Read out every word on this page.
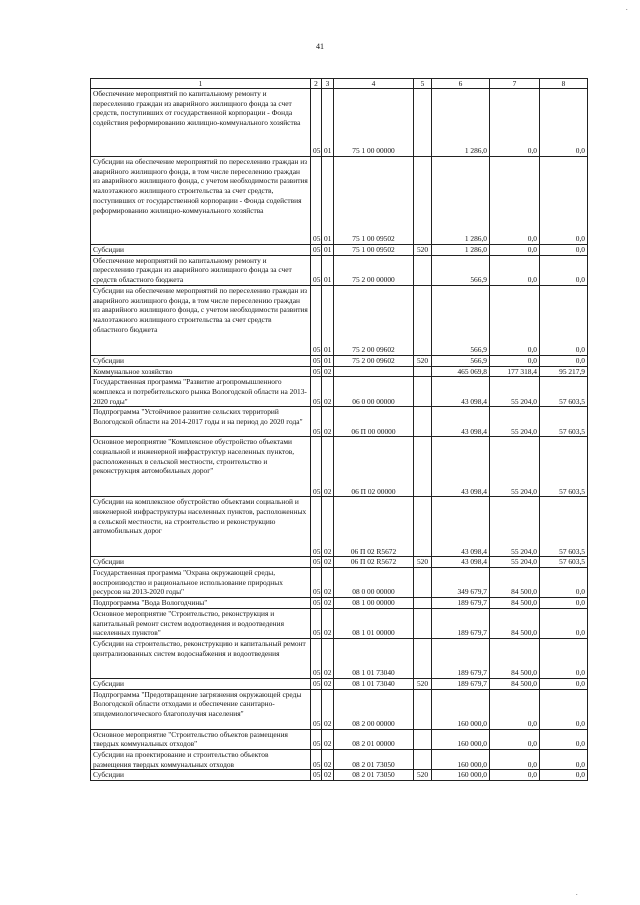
41
1	2	3	4	5	6	7	8
Обеспечение мероприятий по капитальному ремонту и переселению граждан из аварийного жилищного фонда за счет средств, поступивших от государственной корпорации - Фонда содействия реформированию жилищно-коммунального хозяйства	05	01	75 1 00 00000		1 286,0	0,0	0,0
Субсидии на обеспечение мероприятий по переселению граждан из аварийного жилищного фонда, в том числе переселению граждан из аварийного жилищного фонда, с учетом необходимости развития малоэтажного жилищного строительства за счет средств, поступивших от государственной корпорации - Фонда содействия реформированию жилищно-коммунального хозяйства	05	01	75 1 00 09502		1 286,0	0,0	0,0
Субсидии	05	01	75 1 00 09502	520	1 286,0	0,0	0,0
Обеспечение мероприятий по капитальному ремонту и переселению граждан из аварийного жилищного фонда за счет средств областного бюджета	05	01	75 2 00 00000		566,9	0,0	0,0
Субсидии на обеспечение мероприятий по переселению граждан из аварийного жилищного фонда, в том числе переселению граждан из аварийного жилищного фонда, с учетом необходимости развития малоэтажного жилищного строительства за счет средств областного бюджета	05	01	75 2 00 09602		566,9	0,0	0,0
Субсидии	05	01	75 2 00 09602	520	566,9	0,0	0,0
Коммунальное хозяйство	05	02			465 069,8	177 318,4	95 217,9
Государственная программа "Развитие агропромышленного комплекса и потребительского рынка Вологодской области на 2013-2020 годы"	05	02	06 0 00 00000		43 098,4	55 204,0	57 603,5
Подпрограмма "Устойчивое развитие сельских территорий Вологодской области на 2014-2017 годы и на период до 2020 года"	05	02	06 П 00 00000		43 098,4	55 204,0	57 603,5
Основное мероприятие "Комплексное обустройство объектами социальной и инженерной инфраструктур населенных пунктов, расположенных в сельской местности, строительство и реконструкция автомобильных дорог"	05	02	06 П 02 00000		43 098,4	55 204,0	57 603,5
Субсидии на комплексное обустройство объектами социальной и инженерной инфраструктуры населенных пунктов, расположенных в сельской местности, на строительство и реконструкцию автомобильных дорог	05	02	06 П 02 R5672		43 098,4	55 204,0	57 603,5
Субсидии	05	02	06 П 02 R5672	520	43 098,4	55 204,0	57 603,5
Государственная программа "Охрана окружающей среды, воспроизводство и рациональное использование природных ресурсов на 2013-2020 годы"	05	02	08 0 00 00000		349 679,7	84 500,0	0,0
Подпрограмма "Вода Вологодчины"	05	02	08 1 00 00000		189 679,7	84 500,0	0,0
Основное мероприятие "Строительство, реконструкция и капитальный ремонт систем водоотведения и водоотведения населенных пунктов"	05	02	08 1 01 00000		189 679,7	84 500,0	0,0
Субсидии на строительство, реконструкцию и капитальный ремонт централизованных систем водоснабжения и водоотведения	05	02	08 1 01 73040		189 679,7	84 500,0	0,0
Субсидии	05	02	08 1 01 73040	520	189 679,7	84 500,0	0,0
Подпрограмма "Предотвращение загрязнения окружающей среды Вологодской области отходами и обеспечение санитарно-эпидемиологического благополучия населения"	05	02	08 2 00 00000		160 000,0	0,0	0,0
Основное мероприятие "Строительство объектов размещения твердых коммунальных отходов"	05	02	08 2 01 00000		160 000,0	0,0	0,0
Субсидии на проектирование и строительство объектов размещения твердых коммунальных отходов	05	02	08 2 01 73050		160 000,0	0,0	0,0
Субсидии	05	02	08 2 01 73050	520	160 000,0	0,0	0,0
·
·
